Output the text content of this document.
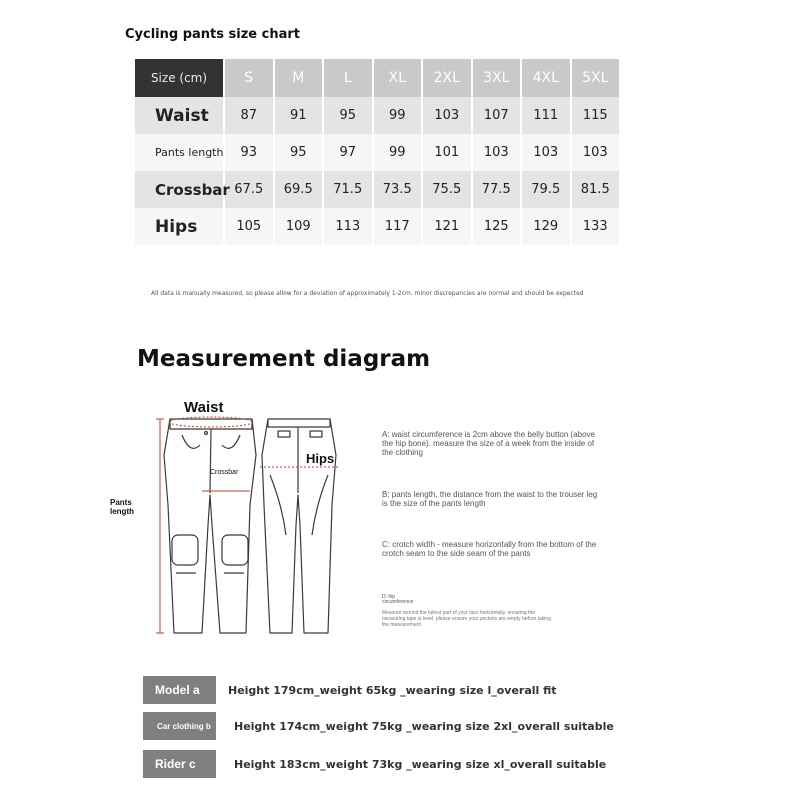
Cycling pants size chart
Size (cm)	S	M	L	XL	2XL	3XL	4XL	5XL
Waist	87	91	95	99	103	107	111	115
Pants length	93	95	97	99	101	103	103	103
Crossbar	67.5	69.5	71.5	73.5	75.5	77.5	79.5	81.5
Hips	105	109	113	117	121	125	129	133
All data is manually measured, so please allow for a deviation of approximately 1-2cm. minor discrepancies are normal and should be expected
Measurement diagram
Waist
Hips
Crossbar
Pants length
A: waist circumference is 2cm above the belly button (above the hip bone). measure the size of a week from the inside of the clothing
B: pants length, the distance from the waist to the trouser leg is the size of the pants length
C: crotch width - measure horizontally from the bottom of the crotch seam to the side seam of the pants
D: hip circumference
Measure around the fullest part of your hips horizontally, ensuring the measuring tape is level. please ensure your pockets are empty before taking the measurement
Model a	Height 179cm_weight 65kg _wearing size l_overall fit
Car clothing b	Height 174cm_weight 75kg _wearing size 2xl_overall suitable
Rider c	Height 183cm_weight 73kg _wearing size xl_overall suitable
